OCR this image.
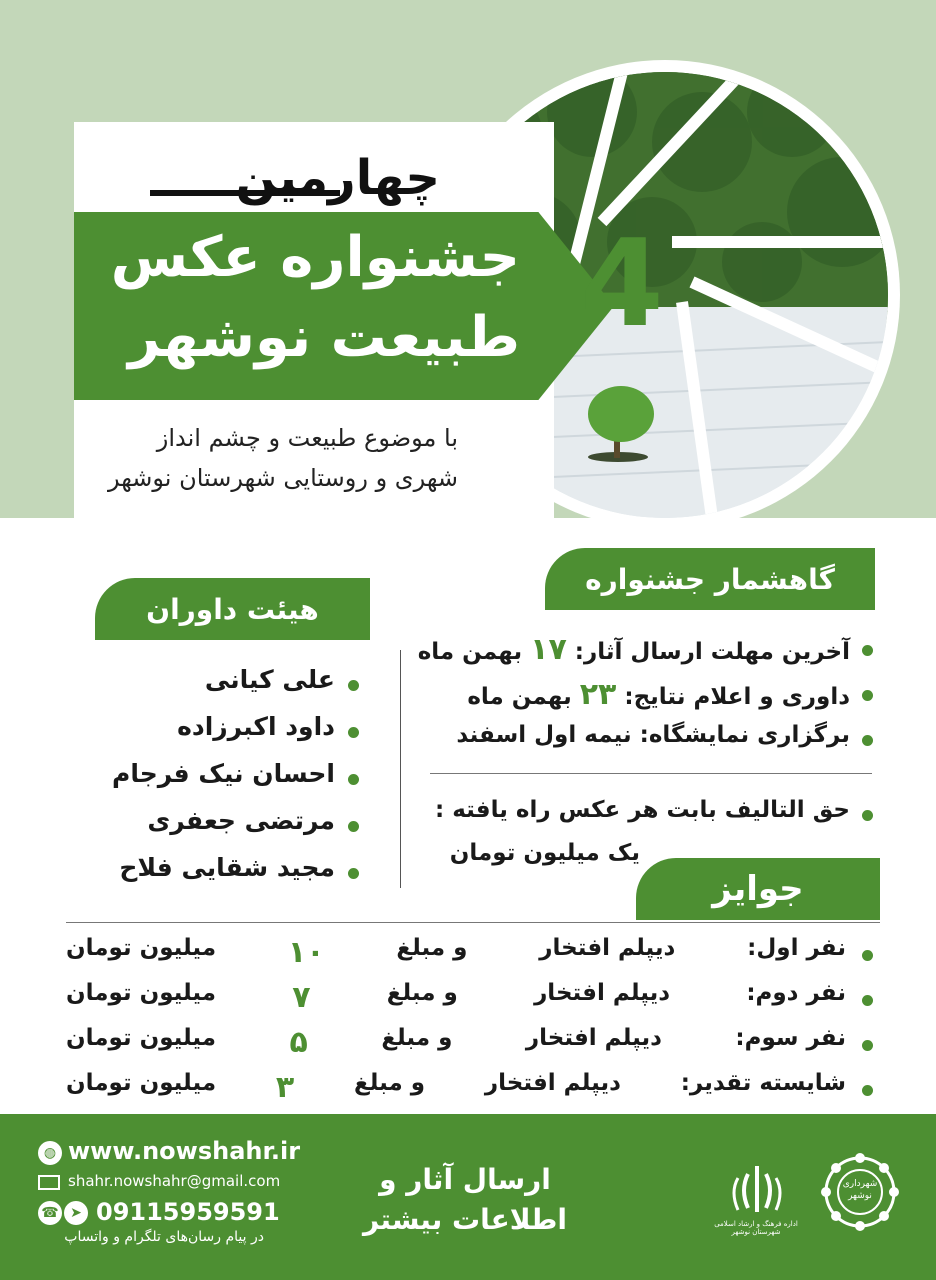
چهارمین
جشنواره عکس
طبیعت نوشهر 4
با موضوع طبیعت و چشم انداز
شهری و روستایی شهرستان نوشهر
گاهشمار جشنواره
آخرین مهلت ارسال آثار: ۱۷ بهمن ماه
داوری و اعلام نتایج: ۲۳ بهمن ماه
برگزاری نمایشگاه: نیمه اول اسفند
حق التالیف بابت هر عکس راه یافته :
یک میلیون تومان
هیئت داوران
علی کیانی
داود اکبرزاده
احسان نیک فرجام
مرتضی جعفری
مجید شقایی فلاح
جوایز
نفر اول:
دیپلم افتخار
و مبلغ
۱۰
میلیون تومان
نفر دوم:
دیپلم افتخار
و مبلغ
۷
میلیون تومان
نفر سوم:
دیپلم افتخار
و مبلغ
۵
میلیون تومان
شایسته تقدیر:
دیپلم افتخار
و مبلغ
۳
میلیون تومان
◍ www.nowshahr.ir
shahr.nowshahr@gmail.com
☎ ➤ 09115959591
در پیام رسان‌های تلگرام و واتساپ
ارسال آثار و
اطلاعات بیشتر	اداره فرهنگ و ارشاد اسلامی شهرستان نوشهر
شهرداری نوشهر
